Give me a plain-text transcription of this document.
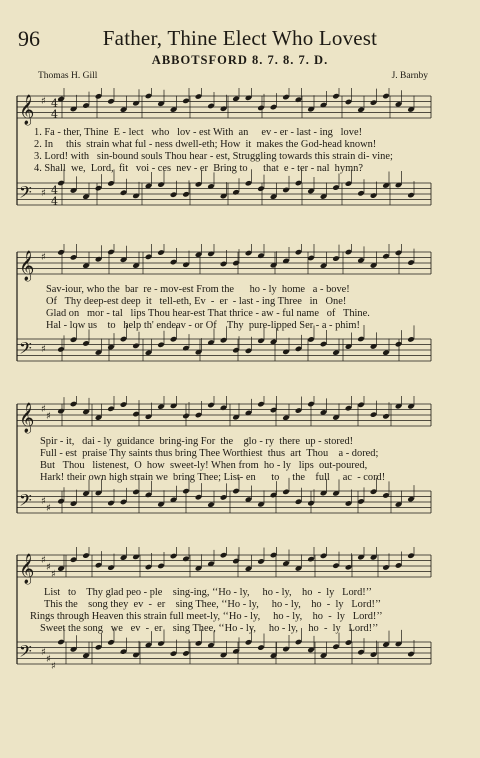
96	Father, Thine Elect Who Lovest
ABBOTSFORD 8. 7. 8. 7. D.
Thomas H. Gill	J. Barnby
𝄞
𝄢
♯
♯
4
4
4
4
1. Fa - ther, Thine  E - lect   who   lov - est With  an     ev - er - last - ing   love!
2. In     this  strain what ful - ness dwell-eth; How  it  makes the God-head known!
3. Lord! with   sin-bound souls Thou hear - est, Struggling towards this strain di- vine;
4. Shall  we,  Lord,  fit   voi - ces  nev - er  Bring to      that  e - ter - nal  hymn?
𝄞
𝄢
♯
♯
Sav-iour, who the  bar  re - mov-est From the      ho - ly  home   a - bove!
Of   Thy deep-est deep  it   tell-eth, Ev  -  er  - last - ing Three   in   One!
Glad on   mor - tal   lips Thou hear-est That thrice - aw - ful name   of   Thine.
Hal - low us    to   help th' endeav - or Of    Thy  pure-lipped Ser - a - phim!
𝄞
𝄢
♯
♯
♯
♯
Spir - it,   dai - ly  guidance  bring-ing For  the    glo - ry  there  up - stored!
Full - est  praise Thy saints thus bring Thee Worthiest  thus  art  Thou    a - dored;
But   Thou   listenest,  O  how  sweet-ly! When from  ho - ly   lips  out-poured,
Hark! their own high strain we  bring Thee; List- en      to     the    full     ac  - cord!
𝄞
𝄢
♯
♯
♯
♯
♯
♯
List   to    Thy glad peo - ple    sing-ing, ‘‘Ho - ly,     ho - ly,    ho  -  ly   Lord!’’
This the    song they  ev  -  er    sing Thee, ‘‘Ho - ly,     ho - ly,    ho  -  ly   Lord!’’
Rings through Heaven this strain full meet-ly, ‘‘Ho - ly,     ho - ly,    ho  -  ly   Lord!’’
Sweet the song   we   ev  -  er    sing Thee, ‘‘Ho - ly,     ho - ly,    ho  -  ly   Lord!’’
